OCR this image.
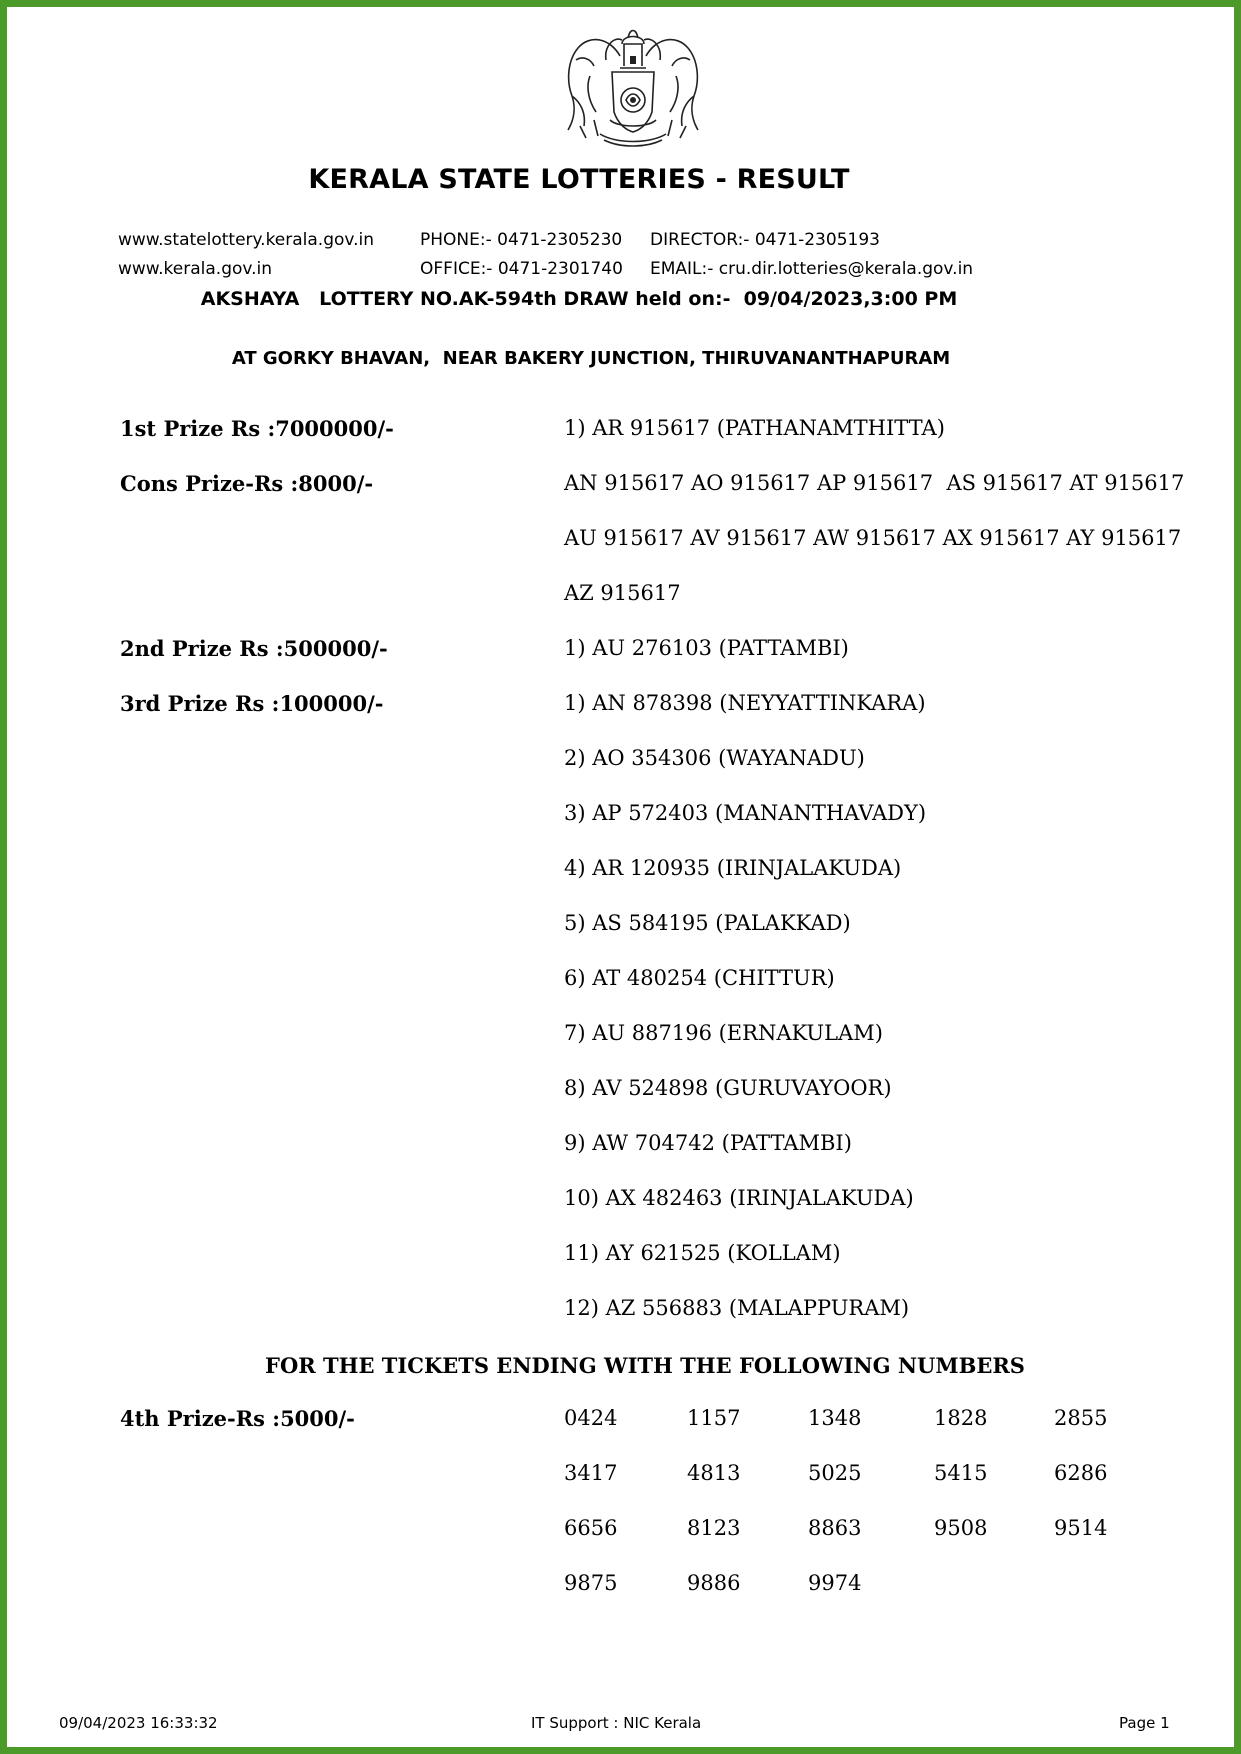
KERALA STATE LOTTERIES - RESULT
www.statelottery.kerala.gov.in
www.kerala.gov.in
PHONE:- 0471-2305230
OFFICE:- 0471-2301740
DIRECTOR:- 0471-2305193
EMAIL:- cru.dir.lotteries@kerala.gov.in
AKSHAYA   LOTTERY NO.AK-594th DRAW held on:-  09/04/2023,3:00 PM
AT GORKY BHAVAN,  NEAR BAKERY JUNCTION, THIRUVANANTHAPURAM
1st Prize Rs :7000000/-	1) AR 915617 (PATHANAMTHITTA)
Cons Prize-Rs :8000/-	AN 915617 AO 915617 AP 915617  AS 915617 AT 915617
AU 915617 AV 915617 AW 915617 AX 915617 AY 915617
AZ 915617
2nd Prize Rs :500000/-	1) AU 276103 (PATTAMBI)
3rd Prize Rs :100000/-	1) AN 878398 (NEYYATTINKARA)
2) AO 354306 (WAYANADU)
3) AP 572403 (MANANTHAVADY)
4) AR 120935 (IRINJALAKUDA)
5) AS 584195 (PALAKKAD)
6) AT 480254 (CHITTUR)
7) AU 887196 (ERNAKULAM)
8) AV 524898 (GURUVAYOOR)
9) AW 704742 (PATTAMBI)
10) AX 482463 (IRINJALAKUDA)
11) AY 621525 (KOLLAM)
12) AZ 556883 (MALAPPURAM)
FOR THE TICKETS ENDING WITH THE FOLLOWING NUMBERS
4th Prize-Rs :5000/-	0424	1157	1348	1828	2855
3417	4813	5025	5415	6286
6656	8123	8863	9508	9514
9875	9886	9974
09/04/2023 16:33:32	IT Support : NIC Kerala	Page 1
